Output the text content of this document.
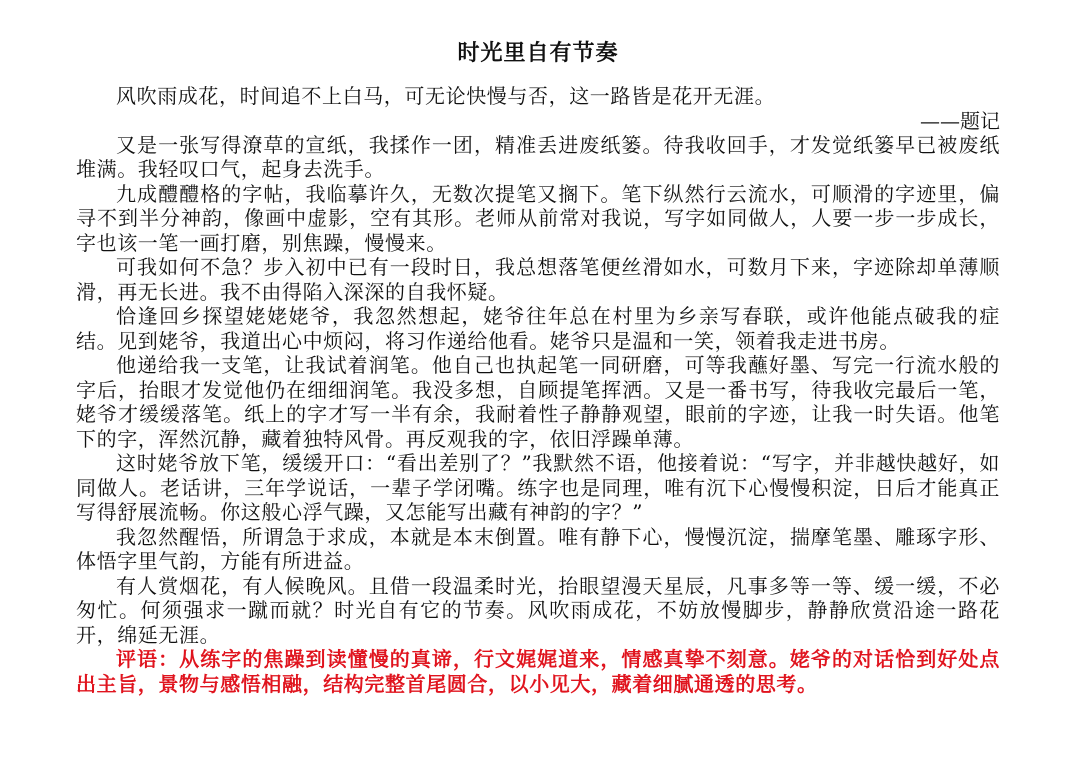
时光里自有节奏

风吹雨成花，时间追不上白马，可无论快慢与否，这一路皆是花开无涯。

——题记

又是一张写得潦草的宣纸，我揉作一团，精准丢进废纸篓。待我收回手，才发觉纸篓早已被废纸堆满。我轻叹口气，起身去洗手。

九成醴醴格的字帖，我临摹许久，无数次提笔又搁下。笔下纵然行云流水，可顺滑的字迹里，偏寻不到半分神韵，像画中虚影，空有其形。老师从前常对我说，写字如同做人，人要一步一步成长，字也该一笔一画打磨，别焦躁，慢慢来。

可我如何不急？步入初中已有一段时日，我总想落笔便丝滑如水，可数月下来，字迹除却单薄顺滑，再无长进。我不由得陷入深深的自我怀疑。

恰逢回乡探望姥姥姥爷，我忽然想起，姥爷往年总在村里为乡亲写春联，或许他能点破我的症结。见到姥爷，我道出心中烦闷，将习作递给他看。姥爷只是温和一笑，领着我走进书房。

他递给我一支笔，让我试着润笔。他自己也执起笔一同研磨，可等我蘸好墨、写完一行流水般的字后，抬眼才发觉他仍在细细润笔。我没多想，自顾提笔挥洒。又是一番书写，待我收完最后一笔，姥爷才缓缓落笔。纸上的字才写一半有余，我耐着性子静静观望，眼前的字迹，让我一时失语。他笔下的字，浑然沉静，藏着独特风骨。再反观我的字，依旧浮躁单薄。

这时姥爷放下笔，缓缓开口：“看出差别了？”我默然不语，他接着说：“写字，并非越快越好，如同做人。老话讲，三年学说话，一辈子学闭嘴。练字也是同理，唯有沉下心慢慢积淀，日后才能真正写得舒展流畅。你这般心浮气躁，又怎能写出藏有神韵的字？”

我忽然醒悟，所谓急于求成，本就是本末倒置。唯有静下心，慢慢沉淀，揣摩笔墨、雕琢字形、体悟字里气韵，方能有所进益。

有人赏烟花，有人候晚风。且借一段温柔时光，抬眼望漫天星辰，凡事多等一等、缓一缓，不必匆忙。何须强求一蹴而就？时光自有它的节奏。风吹雨成花，不妨放慢脚步，静静欣赏沿途一路花开，绵延无涯。

评语：从练字的焦躁到读懂慢的真谛，行文娓娓道来，情感真挚不刻意。姥爷的对话恰到好处点出主旨，景物与感悟相融，结构完整首尾圆合，以小见大，藏着细腻通透的思考。
